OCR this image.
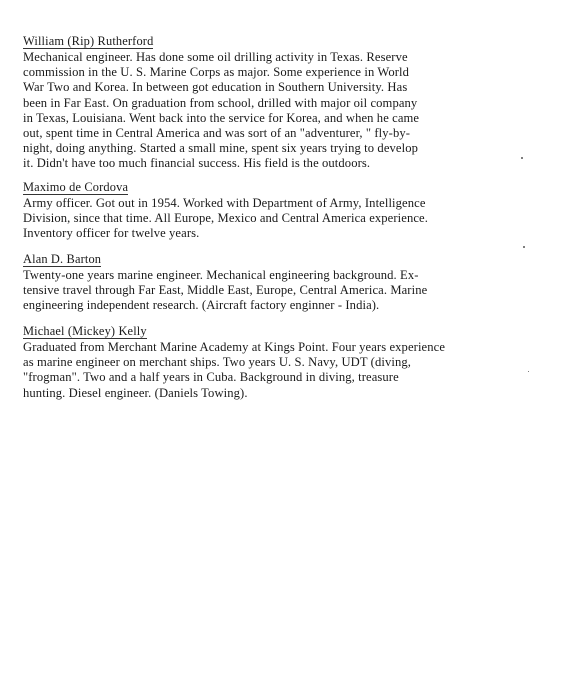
William (Rip) Rutherford
Mechanical engineer. Has done some oil drilling activity in Texas. Reserve
commission in the U. S. Marine Corps as major. Some experience in World
War Two and Korea. In between got education in Southern University. Has
been in Far East. On graduation from school, drilled with major oil company
in Texas, Louisiana. Went back into the service for Korea, and when he came
out, spent time in Central America and was sort of an "adventurer, " fly-by-
night, doing anything. Started a small mine, spent six years trying to develop
it. Didn't have too much financial success. His field is the outdoors.
Maximo de Cordova
Army officer. Got out in 1954. Worked with Department of Army, Intelligence
Division, since that time. All Europe, Mexico and Central America experience.
Inventory officer for twelve years.
Alan D. Barton
Twenty-one years marine engineer. Mechanical engineering background. Ex-
tensive travel through Far East, Middle East, Europe, Central America. Marine
engineering independent research. (Aircraft factory enginner - India).
Michael (Mickey) Kelly
Graduated from Merchant Marine Academy at Kings Point. Four years experience
as marine engineer on merchant ships. Two years U. S. Navy, UDT (diving,
"frogman". Two and a half years in Cuba. Background in diving, treasure
hunting. Diesel engineer. (Daniels Towing).
